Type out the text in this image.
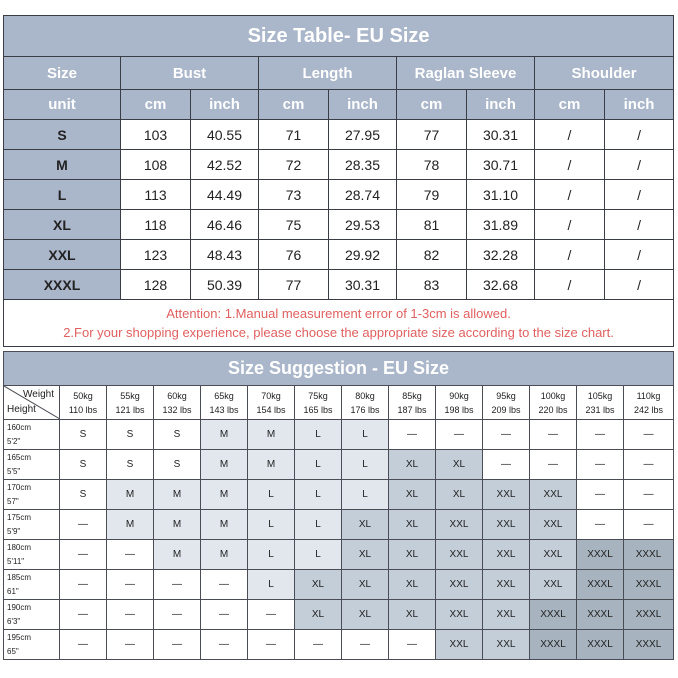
Size Table- EU Size								
Size	Bust		Length		Raglan Sleeve		Shoulder	
unit	cm	inch	cm	inch	cm	inch	cm	inch
S	103	40.55	71	27.95	77	30.31	/	/
M	108	42.52	72	28.35	78	30.71	/	/
L	113	44.49	73	28.74	79	31.10	/	/
XL	118	46.46	75	29.53	81	31.89	/	/
XXL	123	48.43	76	29.92	82	32.28	/	/
XXXL	128	50.39	77	30.31	83	32.68	/	/

Attention: 1.Manual measurement error of 1-3cm is allowed.
2.For your shopping experience, please choose the appropriate size according to the size chart.								
Size Suggestion - EU Size													

Weight
Height	50kg
110 lbs	55kg
121 lbs	60kg
132 lbs	65kg
143 lbs	70kg
154 lbs	75kg
165 lbs	80kg
176 lbs	85kg
187 lbs	90kg
198 lbs	95kg
209 lbs	100kg
220 lbs	105kg
231 lbs	110kg
242 lbs

160cm
5'2"	S	S	S	M	M	L	L	—	—	—	—	—	—

165cm
5'5"	S	S	S	M	M	L	L	XL	XL	—	—	—	—

170cm
57"	S	M	M	M	L	L	L	XL	XL	XXL	XXL	—	—

175cm
5'9"	—	M	M	M	L	L	XL	XL	XXL	XXL	XXL	—	—

180cm
5'11"	—	—	M	M	L	L	XL	XL	XXL	XXL	XXL	XXXL	XXXL

185cm
61"	—	—	—	—	L	XL	XL	XL	XXL	XXL	XXL	XXXL	XXXL

190cm
6'3"	—	—	—	—	—	XL	XL	XL	XXL	XXL	XXXL	XXXL	XXXL

195cm
65"	—	—	—	—	—	—	—	—	XXL	XXL	XXXL	XXXL	XXXL
